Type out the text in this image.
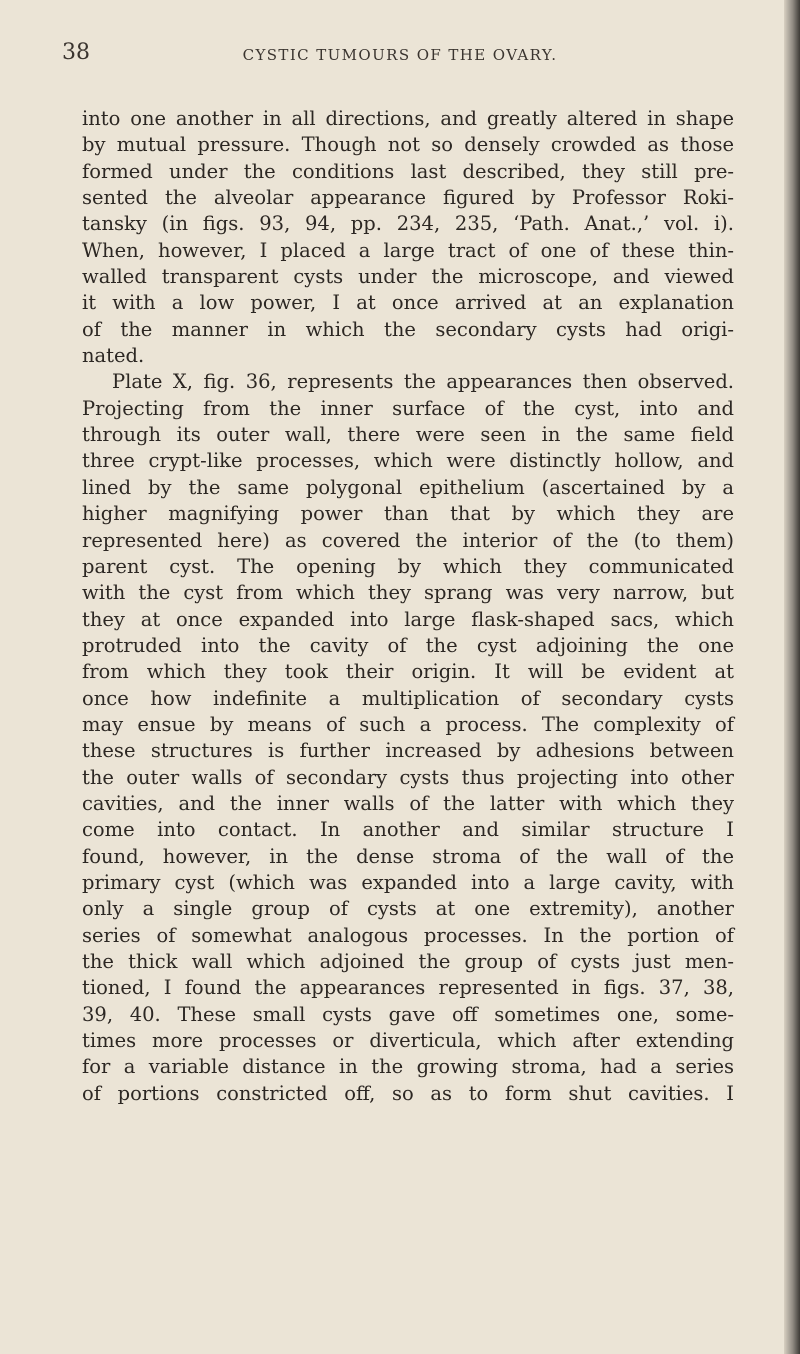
38	CYSTIC TUMOURS OF THE OVARY.
into one another in all directions, and greatly altered in shape
by mutual pressure. Though not so densely crowded as those
formed under the conditions last described, they still pre-
sented the alveolar appearance figured by Professor Roki-
tansky (in figs. 93, 94, pp. 234, 235, ‘Path. Anat.,’ vol. i).
When, however, I placed a large tract of one of these thin-
walled transparent cysts under the microscope, and viewed
it with a low power, I at once arrived at an explanation
of the manner in which the secondary cysts had origi-
nated.
Plate X, fig. 36, represents the appearances then observed.
Projecting from the inner surface of the cyst, into and
through its outer wall, there were seen in the same field
three crypt-like processes, which were distinctly hollow, and
lined by the same polygonal epithelium (ascertained by a
higher magnifying power than that by which they are
represented here) as covered the interior of the (to them)
parent cyst. The opening by which they communicated
with the cyst from which they sprang was very narrow, but
they at once expanded into large flask-shaped sacs, which
protruded into the cavity of the cyst adjoining the one
from which they took their origin. It will be evident at
once how indefinite a multiplication of secondary cysts
may ensue by means of such a process. The complexity of
these structures is further increased by adhesions between
the outer walls of secondary cysts thus projecting into other
cavities, and the inner walls of the latter with which they
come into contact. In another and similar structure I
found, however, in the dense stroma of the wall of the
primary cyst (which was expanded into a large cavity, with
only a single group of cysts at one extremity), another
series of somewhat analogous processes. In the portion of
the thick wall which adjoined the group of cysts just men-
tioned, I found the appearances represented in figs. 37, 38,
39, 40. These small cysts gave off sometimes one, some-
times more processes or diverticula, which after extending
for a variable distance in the growing stroma, had a series
of portions constricted off, so as to form shut cavities. I
